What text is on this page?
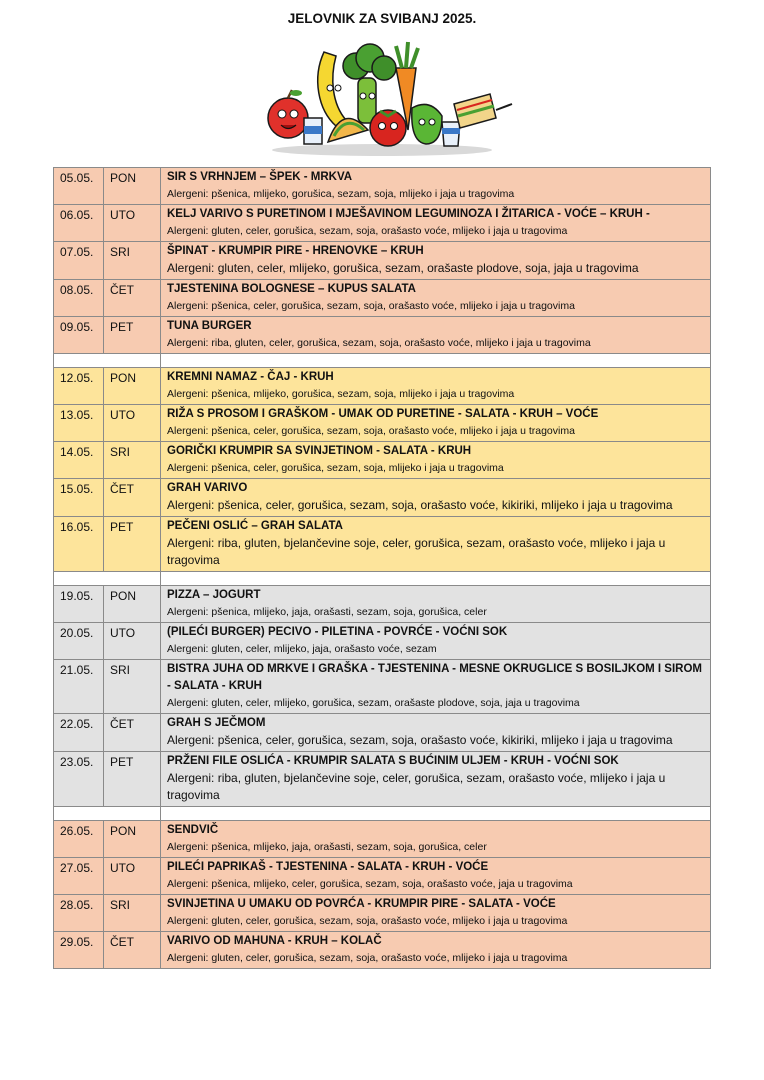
JELOVNIK ZA SVIBANJ 2025.
05.05.	PON	SIR S VRHNJEM – ŠPEK - MRKVA
Alergeni: pšenica, mlijeko, gorušica, sezam, soja, mlijeko i jaja u tragovima

06.05.	UTO	KELJ VARIVO S PURETINOM I MJEŠAVINOM LEGUMINOZA I ŽITARICA - VOĆE – KRUH -
Alergeni: gluten, celer, gorušica, sezam, soja, orašasto voće, mlijeko i jaja u tragovima

07.05.	SRI	ŠPINAT - KRUMPIR PIRE - HRENOVKE – KRUH
Alergeni: gluten, celer, mlijeko, gorušica, sezam, orašaste plodove, soja, jaja u tragovima

08.05.	ČET	TJESTENINA BOLOGNESE – KUPUS SALATA
Alergeni: pšenica, celer, gorušica, sezam, soja, orašasto voće, mlijeko i jaja u tragovima

09.05.	PET	TUNA BURGER
Alergeni: riba, gluten, celer, gorušica, sezam, soja, orašasto voće, mlijeko i jaja u tragovima

12.05.	PON	KREMNI NAMAZ - ČAJ - KRUH
Alergeni: pšenica, mlijeko, gorušica, sezam, soja, mlijeko i jaja u tragovima

13.05.	UTO	RIŽA S PROSOM I GRAŠKOM - UMAK OD PURETINE - SALATA - KRUH – VOĆE
Alergeni: pšenica, celer, gorušica, sezam, soja, orašasto voće, mlijeko i jaja u tragovima

14.05.	SRI	GORIČKI KRUMPIR SA SVINJETINOM - SALATA - KRUH
Alergeni: pšenica, celer, gorušica, sezam, soja, mlijeko i jaja u tragovima

15.05.	ČET	GRAH VARIVO
Alergeni: pšenica, celer, gorušica, sezam, soja, orašasto voće, kikiriki, mlijeko i jaja u tragovima

16.05.	PET	PEČENI OSLIĆ – GRAH SALATA
Alergeni: riba, gluten, bjelančevine soje, celer, gorušica, sezam, orašasto voće, mlijeko i jaja u tragovima

19.05.	PON	PIZZA – JOGURT
Alergeni: pšenica, mlijeko, jaja, orašasti, sezam, soja, gorušica, celer

20.05.	UTO	(PILEĆI BURGER) PECIVO - PILETINA - POVRĆE - VOĆNI SOK
Alergeni: gluten, celer, mlijeko, jaja, orašasto voće, sezam

21.05.	SRI	BISTRA JUHA OD MRKVE I GRAŠKA - TJESTENINA - MESNE OKRUGLICE S BOSILJKOM I SIROM - SALATA - KRUH
Alergeni: gluten, celer, mlijeko, gorušica, sezam, orašaste plodove, soja, jaja u tragovima

22.05.	ČET	GRAH S JEČMOM
Alergeni: pšenica, celer, gorušica, sezam, soja, orašasto voće, kikiriki, mlijeko i jaja u tragovima

23.05.	PET	PRŽENI FILE OSLIĆA - KRUMPIR SALATA S BUĆINIM ULJEM - KRUH - VOĆNI SOK
Alergeni: riba, gluten, bjelančevine soje, celer, gorušica, sezam, orašasto voće, mlijeko i jaja u tragovima

26.05.	PON	SENDVIČ
Alergeni: pšenica, mlijeko, jaja, orašasti, sezam, soja, gorušica, celer

27.05.	UTO	PILEĆI PAPRIKAŠ - TJESTENINA - SALATA - KRUH - VOĆE
Alergeni: pšenica, mlijeko, celer, gorušica, sezam, soja, orašasto voće, jaja u tragovima

28.05.	SRI	SVINJETINA U UMAKU OD POVRĆA - KRUMPIR PIRE - SALATA - VOĆE
Alergeni: gluten, celer, gorušica, sezam, soja, orašasto voće, mlijeko i jaja u tragovima

29.05.	ČET	VARIVO OD MAHUNA - KRUH – KOLAČ
Alergeni: gluten, celer, gorušica, sezam, soja, orašasto voće, mlijeko i jaja u tragovima
